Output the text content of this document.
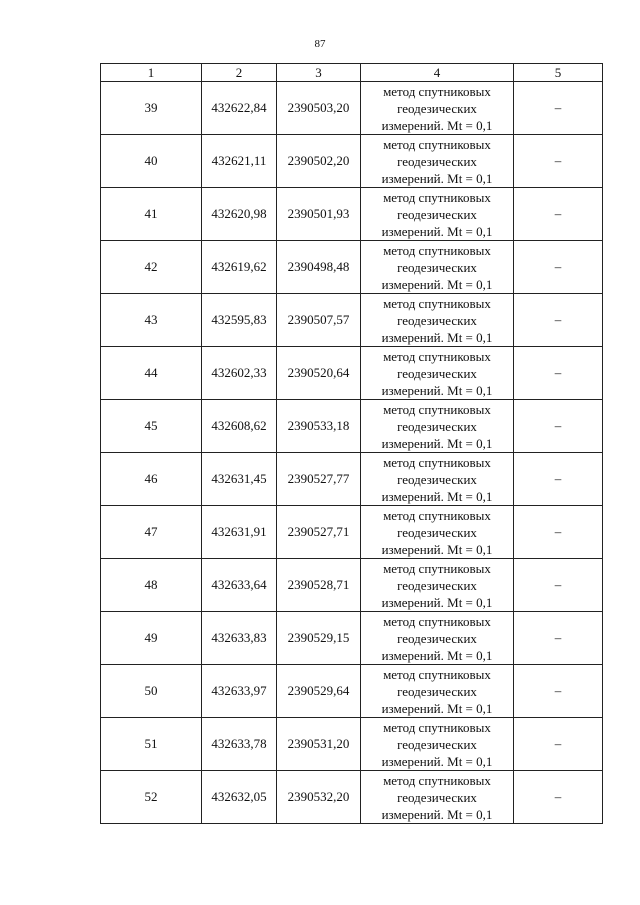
87
1	2	3	4	5
39	432622,84	2390503,20	метод спутниковых
геодезических
измерений. Mt = 0,1	–
40	432621,11	2390502,20	метод спутниковых
геодезических
измерений. Mt = 0,1	–
41	432620,98	2390501,93	метод спутниковых
геодезических
измерений. Mt = 0,1	–
42	432619,62	2390498,48	метод спутниковых
геодезических
измерений. Mt = 0,1	–
43	432595,83	2390507,57	метод спутниковых
геодезических
измерений. Mt = 0,1	–
44	432602,33	2390520,64	метод спутниковых
геодезических
измерений. Mt = 0,1	–
45	432608,62	2390533,18	метод спутниковых
геодезических
измерений. Mt = 0,1	–
46	432631,45	2390527,77	метод спутниковых
геодезических
измерений. Mt = 0,1	–
47	432631,91	2390527,71	метод спутниковых
геодезических
измерений. Mt = 0,1	–
48	432633,64	2390528,71	метод спутниковых
геодезических
измерений. Mt = 0,1	–
49	432633,83	2390529,15	метод спутниковых
геодезических
измерений. Mt = 0,1	–
50	432633,97	2390529,64	метод спутниковых
геодезических
измерений. Mt = 0,1	–
51	432633,78	2390531,20	метод спутниковых
геодезических
измерений. Mt = 0,1	–
52	432632,05	2390532,20	метод спутниковых
геодезических
измерений. Mt = 0,1	–
